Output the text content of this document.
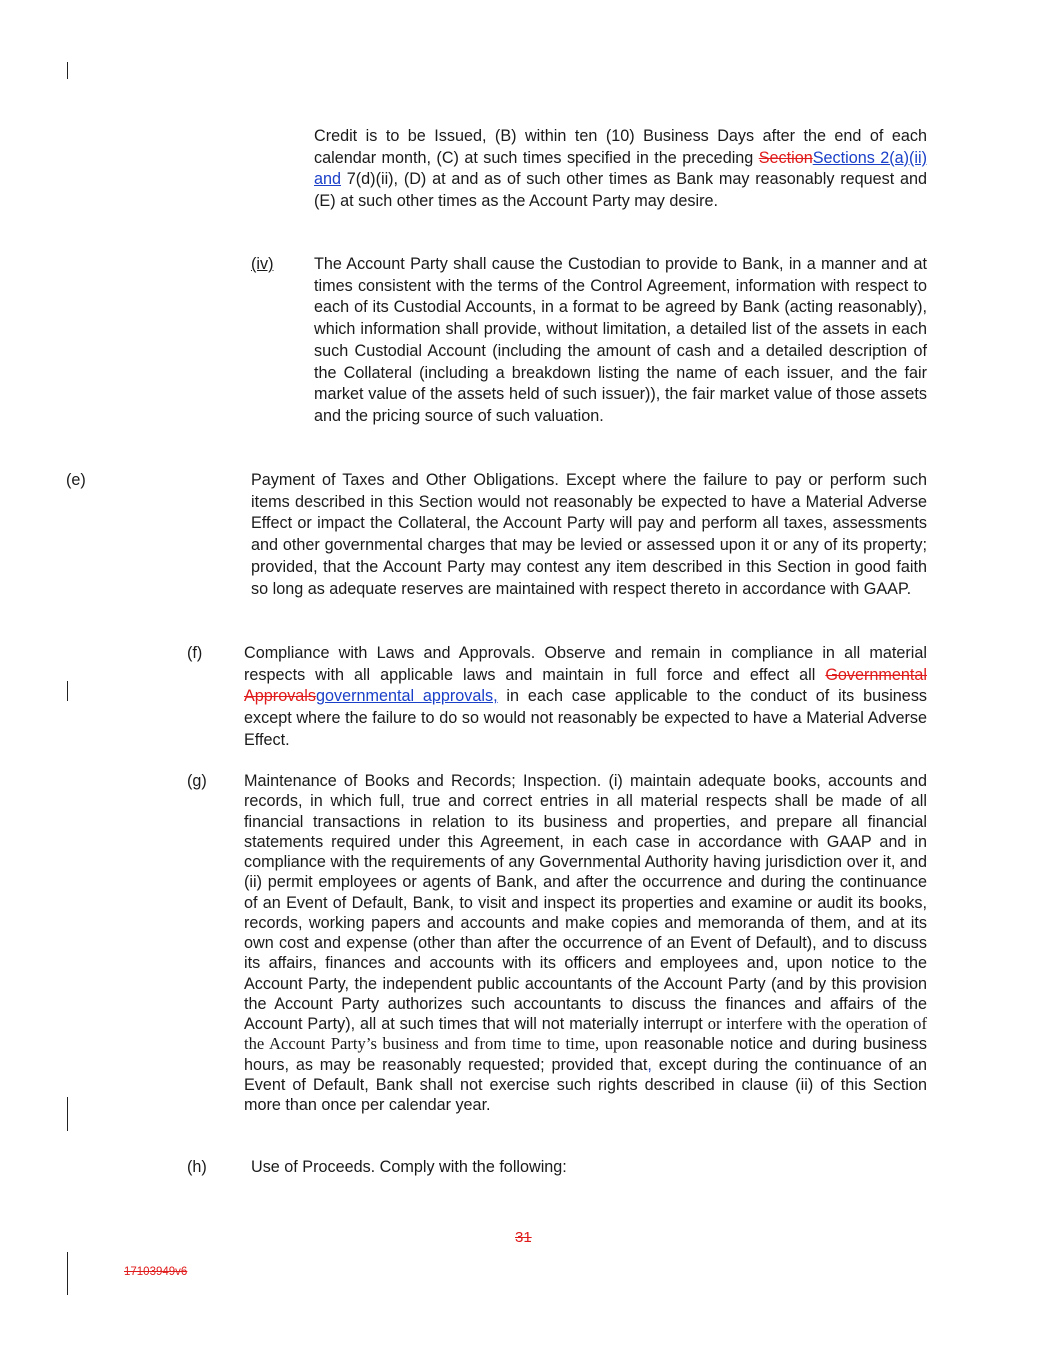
Credit is to be Issued, (B) within ten (10) Business Days after the end of each calendar month, (C) at such times specified in the preceding SectionSections 2(a)(ii) and 7(d)(ii), (D) at and as of such other times as Bank may reasonably request and (E) at such other times as the Account Party may desire.

(iv)	The Account Party shall cause the Custodian to provide to Bank, in a manner and at times consistent with the terms of the Control Agreement, information with respect to each of its Custodial Accounts, in a format to be agreed by Bank (acting reasonably), which information shall provide, without limitation, a detailed list of the assets in each such Custodial Account (including the amount of cash and a detailed description of the Collateral (including a breakdown listing the name of each issuer, and the fair market value of the assets held of such issuer)), the fair market value of those assets and the pricing source of such valuation.

(e)	Payment of Taxes and Other Obligations. Except where the failure to pay or perform such items described in this Section would not reasonably be expected to have a Material Adverse Effect or impact the Collateral, the Account Party will pay and perform all taxes, assessments and other governmental charges that may be levied or assessed upon it or any of its property; provided, that the Account Party may contest any item described in this Section in good faith so long as adequate reserves are maintained with respect thereto in accordance with GAAP.

(f)	Compliance with Laws and Approvals. Observe and remain in compliance in all material respects with all applicable laws and maintain in full force and effect all Governmental Approvalsgovernmental approvals, in each case applicable to the conduct of its business except where the failure to do so would not reasonably be expected to have a Material Adverse Effect.

(g) Maintenance of Books and Records; Inspection. (i) maintain adequate books, accounts and records, in which full, true and correct entries in all material respects shall be made of all financial transactions in relation to its business and properties, and prepare all financial statements required under this Agreement, in each case in accordance with GAAP and in compliance with the requirements of any Governmental Authority having jurisdiction over it, and (ii) permit employees or agents of Bank, and after the occurrence and during the continuance of an Event of Default, Bank, to visit and inspect its properties and examine or audit its books, records, working papers and accounts and make copies and memoranda of them, and at its own cost and expense (other than after the occurrence of an Event of Default), and to discuss its affairs, finances and accounts with its officers and employees and, upon notice to the Account Party, the independent public accountants of the Account Party (and by this provision the Account Party authorizes such accountants to discuss the finances and affairs of the Account Party), all at such times that will not materially interrupt or interfere with the operation of the Account Party’s business and from time to time, upon reasonable notice and during business hours, as may be reasonably requested; provided that, except during the continuance of an Event of Default, Bank shall not exercise such rights described in clause (ii) of this Section more than once per calendar year.

(h)	Use of Proceeds. Comply with the following:

31
17103949v6
